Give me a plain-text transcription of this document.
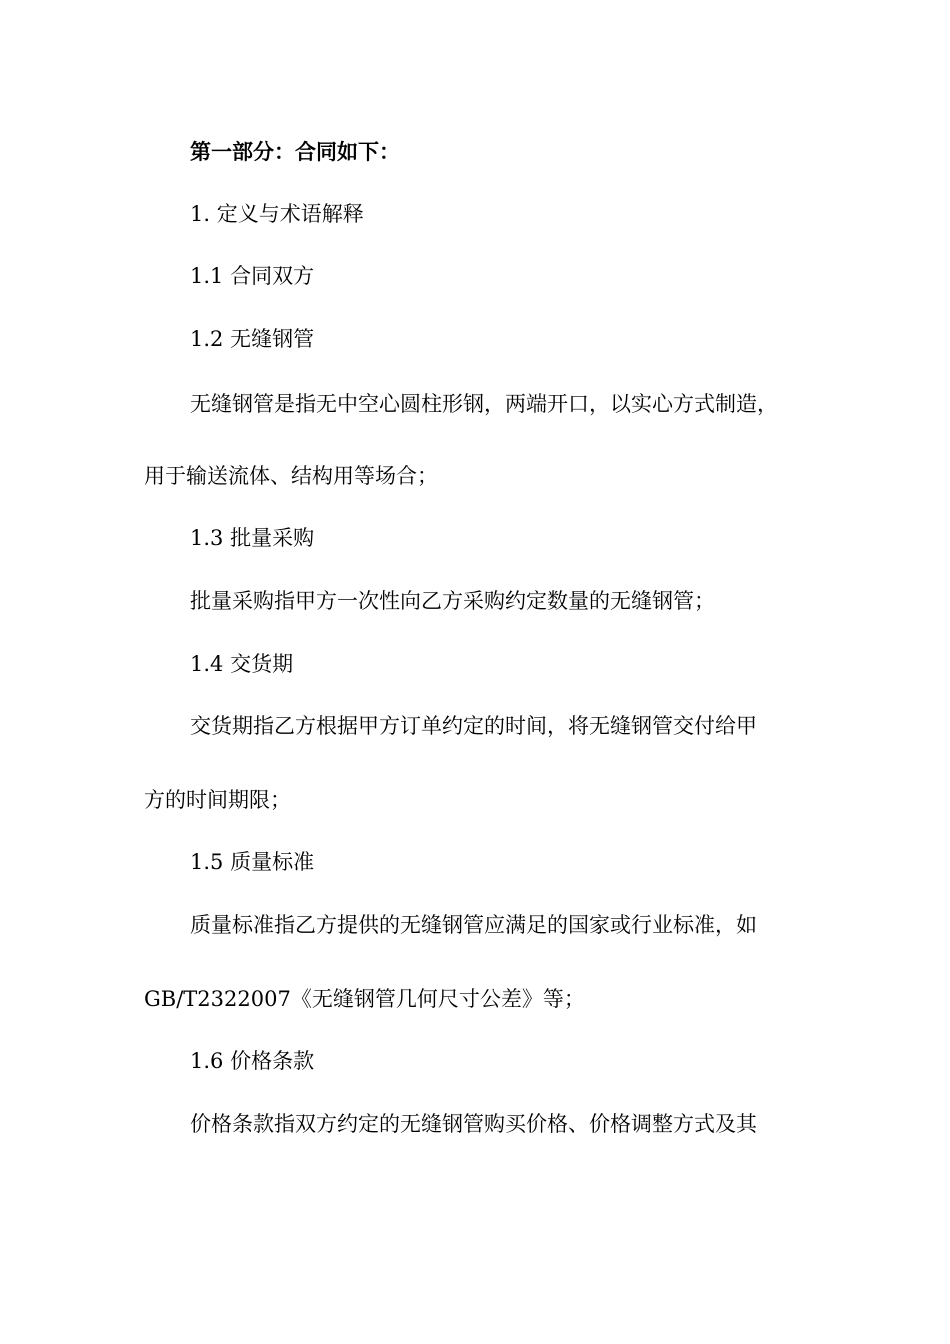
第一部分：合同如下：
1. 定义与术语解释
1.1 合同双方
1.2 无缝钢管
无缝钢管是指无中空心圆柱形钢，两端开口，以实心方式制造，
用于输送流体、结构用等场合；
1.3 批量采购
批量采购指甲方一次性向乙方采购约定数量的无缝钢管；
1.4 交货期
交货期指乙方根据甲方订单约定的时间，将无缝钢管交付给甲
方的时间期限；
1.5 质量标准
质量标准指乙方提供的无缝钢管应满足的国家或行业标准，如
GB/T2322007《无缝钢管几何尺寸公差》等；
1.6 价格条款
价格条款指双方约定的无缝钢管购买价格、价格调整方式及其
